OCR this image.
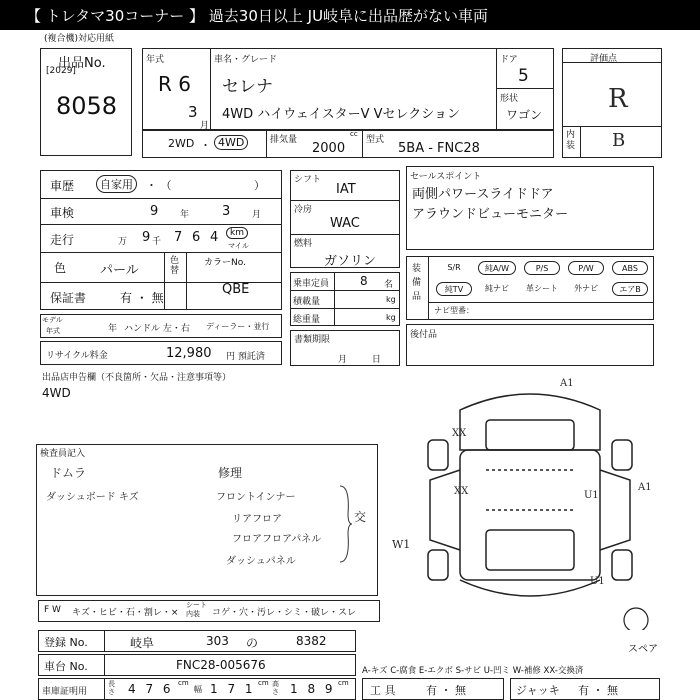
【 トレタマ30コーナー 】 過去30日以上 JU岐阜に出品歴がない車両
(複合機)対応用紙
出品No.
[2029]
8058
年式
R 6
3
月
車名・グレード
セレナ
4WD ハイウェイスターV Vセレクション
ドア
5
形状
ワゴン
評価点
R
内装 B
2WD ・ 4WD	排気量
cc
2000
型式
5BA - FNC28
車歴	自家用	・ （	）
車検	9 年	3 月
走行	万 9 千 7 6 4	km
マイル
色	パール
色替
カラーNo.
QBE
保証書	有 ・ 無
モデル
年式	年 ハンドル 左・右 ディーラー・並行
リサイクル料金	12,980 円 預託済
シフト
IAT
冷房
WAC
燃料
ガソリン
乗車定員	8 名
積載量	kg
総重量	kg
書類期限
月 日
セールスポイント
両側パワースライドドア
アラウンドビューモニター
装備品
S/R	純A/W	P/S	P/W	ABS
純TV	純ナビ	革シート	外ナビ	エアB
ナビ型番：
後付品
出品店申告欄（不良箇所・欠品・注意事項等）
4WD
検査員記入
ドムラ
ダッシュボード キズ
修理
フロントインナー
リアフロア
フロアフロアパネル
ダッシュパネル
交
W1
A1
XX
XX	A1
U1
U1
スペア
F W キズ・ヒビ・石・割レ・×
シート内装	コゲ・穴・汚レ・シミ・破レ・スレ
登録 No.	岐阜	303 の	8382
車台 No.	FNC28-005676
車庫証明用
長さ 4 7 6 cm
幅 1 7 1 cm 高さ 1 8 9 cm
A-キズ C-腐食 E-エクボ S-サビ U-凹ミ W-補修 XX-交換済
工 具	有 ・ 無	ジャッキ 有 ・ 無
